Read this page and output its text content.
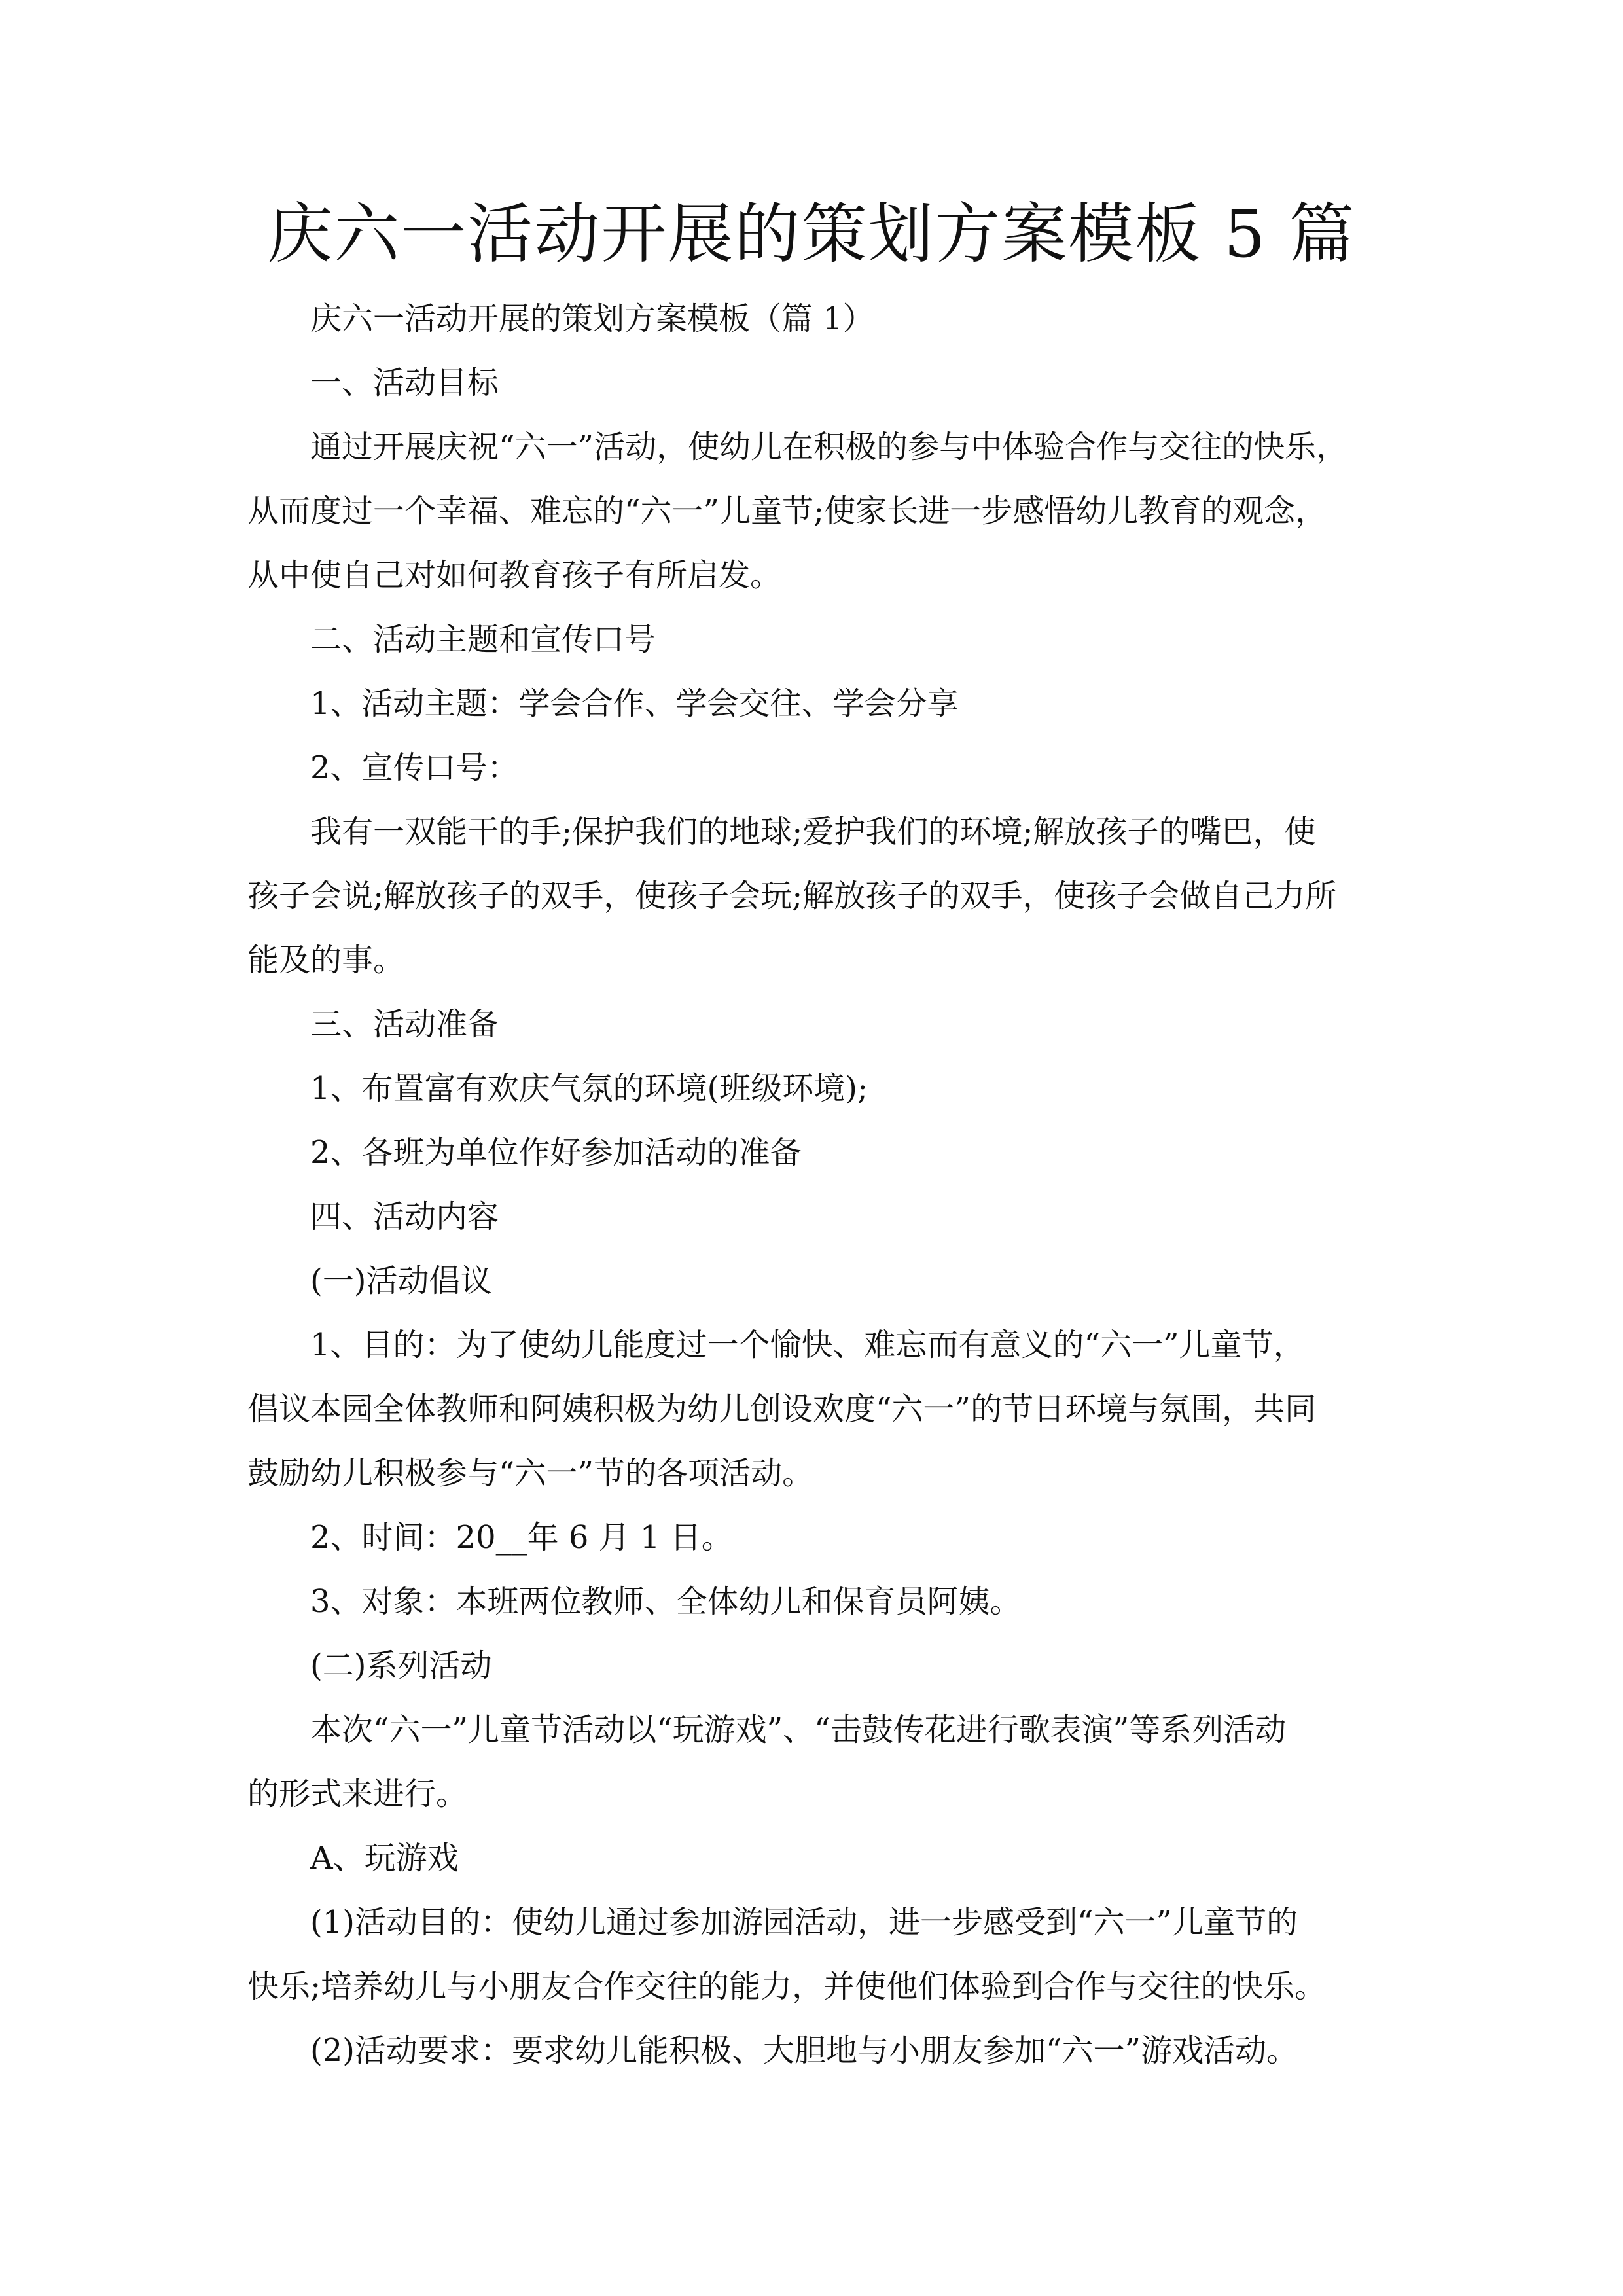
庆六一活动开展的策划方案模板 5 篇

庆六一活动开展的策划方案模板（篇 1）

一、活动目标

通过开展庆祝“六一”活动，使幼儿在积极的参与中体验合作与交往的快乐，

从而度过一个幸福、难忘的“六一”儿童节;使家长进一步感悟幼儿教育的观念，

从中使自己对如何教育孩子有所启发。

二、活动主题和宣传口号

1、活动主题：学会合作、学会交往、学会分享

2、宣传口号：

我有一双能干的手;保护我们的地球;爱护我们的环境;解放孩子的嘴巴，使

孩子会说;解放孩子的双手，使孩子会玩;解放孩子的双手，使孩子会做自己力所

能及的事。

三、活动准备

1、布置富有欢庆气氛的环境(班级环境);

2、各班为单位作好参加活动的准备

四、活动内容

(一)活动倡议

1、目的：为了使幼儿能度过一个愉快、难忘而有意义的“六一”儿童节，

倡议本园全体教师和阿姨积极为幼儿创设欢度“六一”的节日环境与氛围，共同

鼓励幼儿积极参与“六一”节的各项活动。

2、时间：20__年 6 月 1 日。

3、对象：本班两位教师、全体幼儿和保育员阿姨。

(二)系列活动

本次“六一”儿童节活动以“玩游戏”、“击鼓传花进行歌表演”等系列活动

的形式来进行。

A、玩游戏

(1)活动目的：使幼儿通过参加游园活动，进一步感受到“六一”儿童节的

快乐;培养幼儿与小朋友合作交往的能力，并使他们体验到合作与交往的快乐。

(2)活动要求：要求幼儿能积极、大胆地与小朋友参加“六一”游戏活动。
